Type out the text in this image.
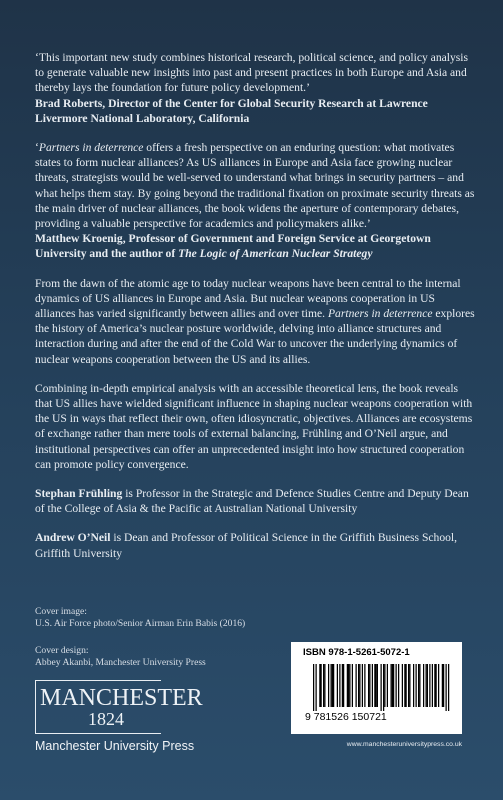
‘This important new study combines historical research, political science, and policy analysis to generate valuable new insights into past and present practices in both Europe and Asia and thereby lays the foundation for future policy development.’

Brad Roberts, Director of the Center for Global Security Research at Lawrence Livermore National Laboratory, California

‘Partners in deterrence offers a fresh perspective on an enduring question: what motivates states to form nuclear alliances? As US alliances in Europe and Asia face growing nuclear threats, strategists would be well-served to understand what brings in security partners – and what helps them stay. By going beyond the traditional fixation on proximate security threats as the main driver of nuclear alliances, the book widens the aperture of contemporary debates, providing a valuable perspective for academics and policymakers alike.’

Matthew Kroenig, Professor of Government and Foreign Service at Georgetown University and the author of The Logic of American Nuclear Strategy

From the dawn of the atomic age to today nuclear weapons have been central to the internal dynamics of US alliances in Europe and Asia. But nuclear weapons cooperation in US alliances has varied significantly between allies and over time. Partners in deterrence explores the history of America’s nuclear posture worldwide, delving into alliance structures and interaction during and after the end of the Cold War to uncover the underlying dynamics of nuclear weapons cooperation between the US and its allies.

Combining in-depth empirical analysis with an accessible theoretical lens, the book reveals that US allies have wielded significant influence in shaping nuclear weapons cooperation with the US in ways that reflect their own, often idiosyncratic, objectives. Alliances are ecosystems of exchange rather than mere tools of external balancing, Frühling and O’Neil argue, and institutional perspectives can offer an unprecedented insight into how structured cooperation can promote policy convergence.

Stephan Frühling is Professor in the Strategic and Defence Studies Centre and Deputy Dean of the College of Asia & the Pacific at Australian National University

Andrew O’Neil is Dean and Professor of Political Science in the Griffith Business School, Griffith University

Cover image:

U.S. Air Force photo/Senior Airman Erin Babis (2016)

Cover design:

Abbey Akanbi, Manchester University Press

MANCHESTER
1824
Manchester University Press
ISBN 978-1-5261-5072-1
9 781526 150721
www.manchesteruniversitypress.co.uk
